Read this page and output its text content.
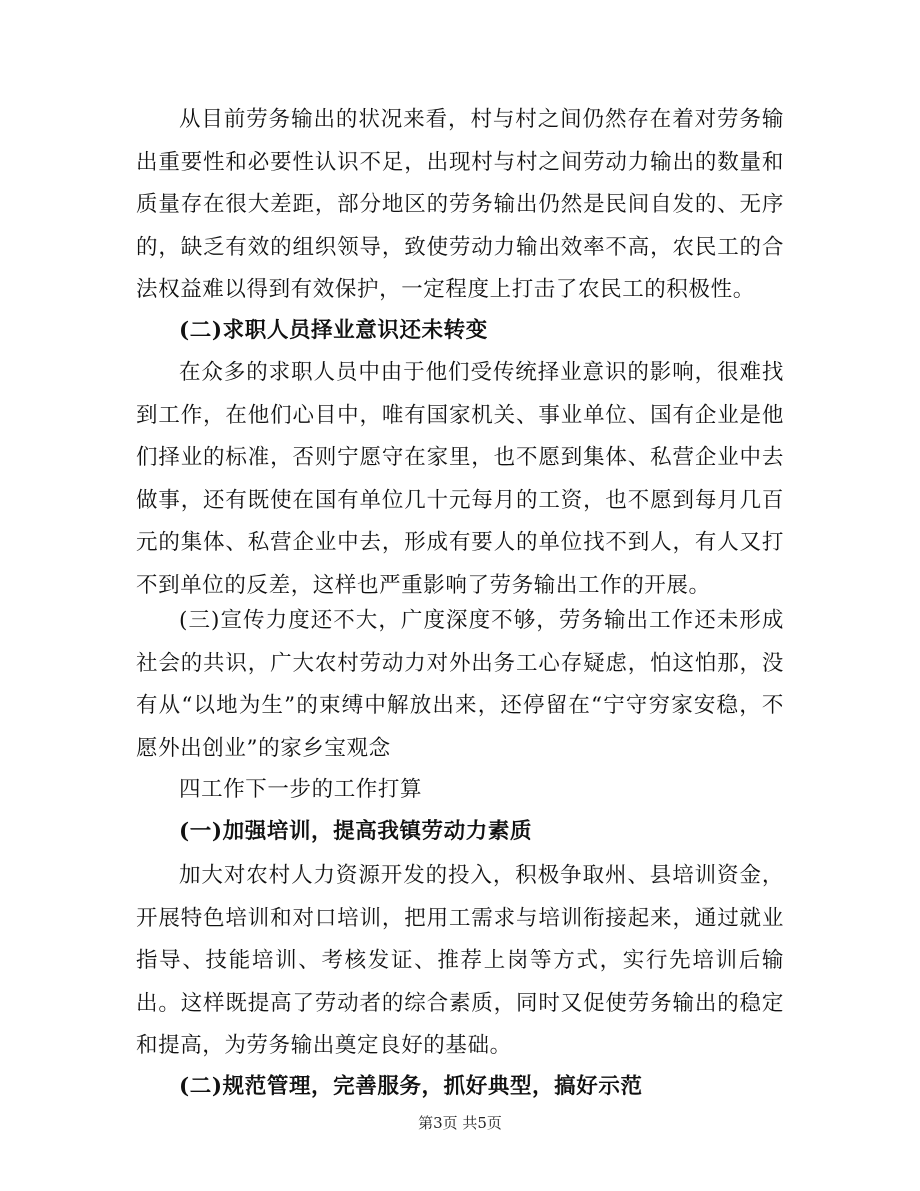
从目前劳务输出的状况来看，村与村之间仍然存在着对劳务输出重要性和必要性认识不足，出现村与村之间劳动力输出的数量和质量存在很大差距，部分地区的劳务输出仍然是民间自发的、无序的，缺乏有效的组织领导，致使劳动力输出效率不高，农民工的合法权益难以得到有效保护，一定程度上打击了农民工的积极性。

(二)求职人员择业意识还未转变

在众多的求职人员中由于他们受传统择业意识的影响，很难找到工作，在他们心目中，唯有国家机关、事业单位、国有企业是他们择业的标准，否则宁愿守在家里，也不愿到集体、私营企业中去做事，还有既使在国有单位几十元每月的工资，也不愿到每月几百元的集体、私营企业中去，形成有要人的单位找不到人，有人又打不到单位的反差，这样也严重影响了劳务输出工作的开展。

(三)宣传力度还不大，广度深度不够，劳务输出工作还未形成社会的共识，广大农村劳动力对外出务工心存疑虑，怕这怕那，没有从“以地为生”的束缚中解放出来，还停留在“宁守穷家安稳，不愿外出创业”的家乡宝观念

四工作下一步的工作打算

(一)加强培训，提高我镇劳动力素质

加大对农村人力资源开发的投入，积极争取州、县培训资金，开展特色培训和对口培训，把用工需求与培训衔接起来，通过就业指导、技能培训、考核发证、推荐上岗等方式，实行先培训后输出。这样既提高了劳动者的综合素质，同时又促使劳务输出的稳定和提高，为劳务输出奠定良好的基础。

(二)规范管理，完善服务，抓好典型，搞好示范

第3页 共5页
